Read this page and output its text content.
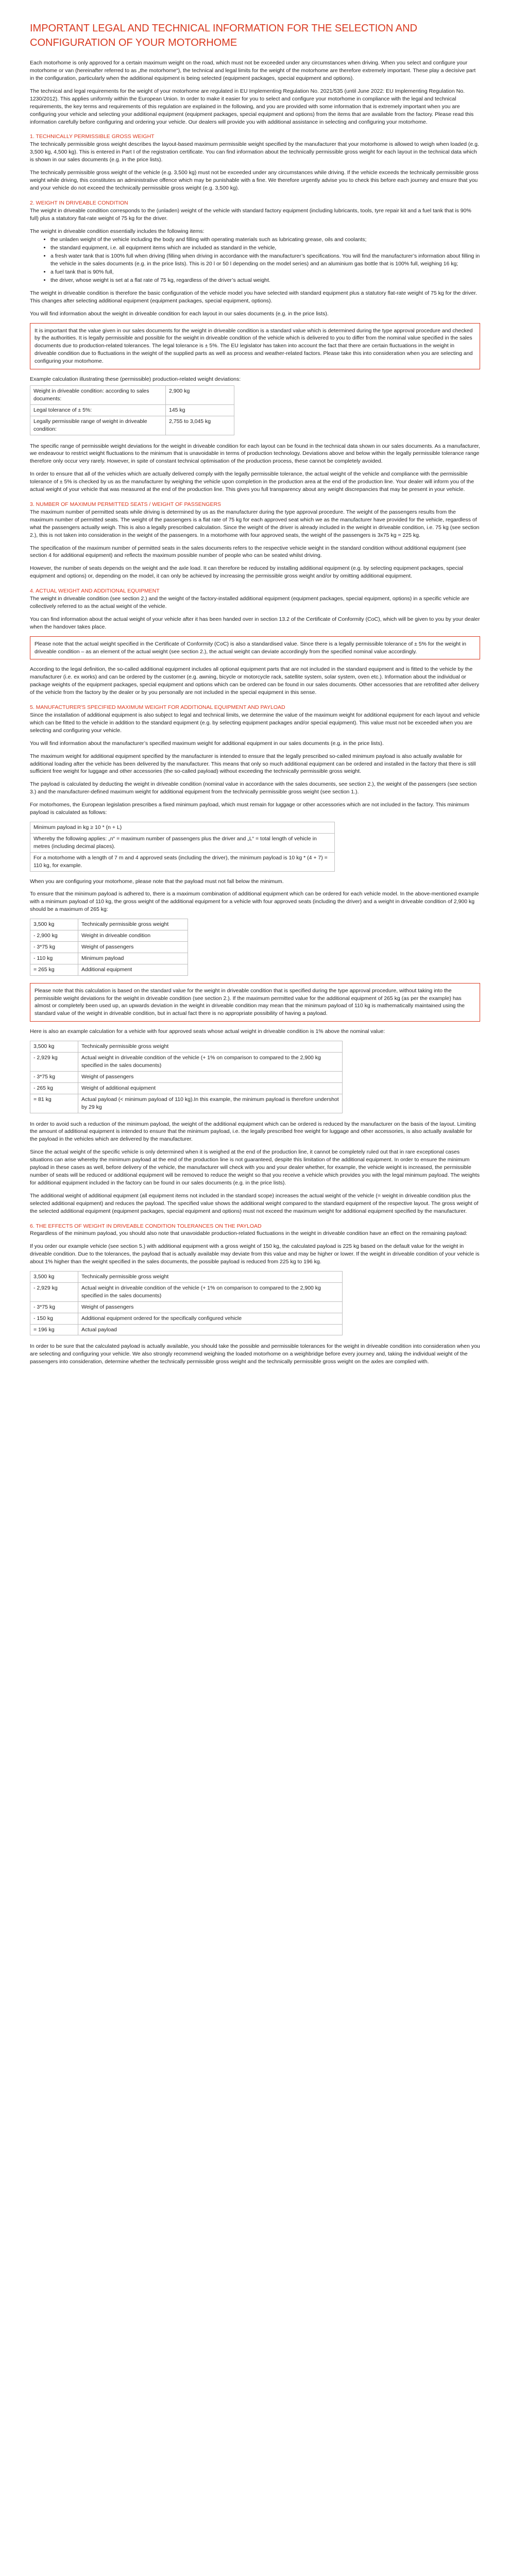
IMPORTANT LEGAL AND TECHNICAL INFORMATION FOR THE SELECTION AND CONFIGURATION OF YOUR MOTORHOME

Each motorhome is only approved for a certain maximum weight on the road, which must not be exceeded under any circumstances when driving. When you select and configure your motorhome or van (hereinafter referred to as „the motorhome“), the technical and legal limits for the weight of the motorhome are therefore extremely important. These play a decisive part in the configuration, particularly when the additional equipment is being selected (equipment packages, special equipment and options).

The technical and legal requirements for the weight of your motorhome are regulated in EU Implementing Regulation No. 2021/535 (until June 2022: EU Implementing Regulation No. 1230/2012). This applies uniformly within the European Union. In order to make it easier for you to select and configure your motorhome in compliance with the legal and technical requirements, the key terms and requirements of this regulation are explained in the following, and you are provided with some information that is extremely important when you are configuring your vehicle and selecting your additional equipment (equipment packages, special equipment and options) from the items that are available from the factory. Please read this information carefully before configuring and ordering your vehicle. Our dealers will provide you with additional assistance in selecting and configuring your motorhome.

1. TECHNICALLY PERMISSIBLE GROSS WEIGHT

The technically permissible gross weight describes the layout-based maximum permissible weight specified by the manufacturer that your motorhome is allowed to weigh when loaded (e.g. 3,500 kg, 4,500 kg). This is entered in Part I of the registration certificate. You can find information about the technically permissible gross weight for each layout in the technical data which is shown in our sales documents (e.g. in the price lists).

The technically permissible gross weight of the vehicle (e.g. 3,500 kg) must not be exceeded under any circumstances while driving. If the vehicle exceeds the technically permissible gross weight while driving, this constitutes an administrative offence which may be punishable with a fine. We therefore urgently advise you to check this before each journey and ensure that you and your vehicle do not exceed the technically permissible gross weight (e.g. 3,500 kg).

2. WEIGHT IN DRIVEABLE CONDITION

The weight in driveable condition corresponds to the (unladen) weight of the vehicle with standard factory equipment (including lubricants, tools, tyre repair kit and a fuel tank that is 90% full) plus a statutory flat-rate weight of 75 kg for the driver.

The weight in driveable condition essentially includes the following items:

• the unladen weight of the vehicle including the body and filling with operating materials such as lubricating grease, oils and coolants;
• the standard equipment, i.e. all equipment items which are included as standard in the vehicle,
• a fresh water tank that is 100% full when driving (filling when driving in accordance with the manufacturer’s specifications. You will find the manufacturer’s information about filling in the vehicle in the sales documents (e.g. in the price lists). This is 20 l or 50 l depending on the model series) and an aluminium gas bottle that is 100% full, weighing 16 kg;
• a fuel tank that is 90% full,
• the driver, whose weight is set at a flat rate of 75 kg, regardless of the driver’s actual weight.

The weight in driveable condition is therefore the basic configuration of the vehicle model you have selected with standard equipment plus a statutory flat-rate weight of 75 kg for the driver. This changes after selecting additional equipment (equipment packages, special equipment, options).

You will find information about the weight in driveable condition for each layout in our sales documents (e.g. in the price lists).

It is important that the value given in our sales documents for the weight in driveable condition is a standard value which is determined during the type approval procedure and checked by the authorities. It is legally permissible and possible for the weight in driveable condition of the vehicle which is delivered to you to differ from the nominal value specified in the sales documents due to production-related tolerances. The legal tolerance is ± 5%. The EU legislator has taken into account the fact that there are certain fluctuations in the weight in driveable condition due to fluctuations in the weight of the supplied parts as well as process and weather-related factors. Please take this into consideration when you are selecting and configuring your motorhome.

Example calculation illustrating these (permissible) production-related weight deviations:

Weight in driveable condition: according to sales documents:	2,900 kg
Legal tolerance of ± 5%:	145 kg
Legally permissible range of weight in driveable condition:	2,755 to 3,045 kg

The specific range of permissible weight deviations for the weight in driveable condition for each layout can be found in the technical data shown in our sales documents. As a manufacturer, we endeavour to restrict weight fluctuations to the minimum that is unavoidable in terms of production technology. Deviations above and below within the legally permissible tolerance range therefore only occur very rarely. However, in spite of constant technical optimisation of the production process, these cannot be completely avoided.

In order to ensure that all of the vehicles which are actually delivered comply with the legally permissible tolerance, the actual weight of the vehicle and compliance with the permissible tolerance of ± 5% is checked by us as the manufacturer by weighing the vehicle upon completion in the production area at the end of the production line. Your dealer will inform you of the actual weight of your vehicle that was measured at the end of the production line. This gives you full transparency about any weight discrepancies that may be present in your vehicle.

3. NUMBER OF MAXIMUM PERMITTED SEATS / WEIGHT OF PASSENGERS

The maximum number of permitted seats while driving is determined by us as the manufacturer during the type approval procedure. The weight of the passengers results from the maximum number of permitted seats. The weight of the passengers is a flat rate of 75 kg for each approved seat which we as the manufacturer have provided for the vehicle, regardless of what the passengers actually weigh. This is also a legally prescribed calculation. Since the weight of the driver is already included in the weight in driveable condition, i.e. 75 kg (see section 2.), this is not taken into consideration in the weight of the passengers. In a motorhome with four approved seats, the weight of the passengers is 3x75 kg = 225 kg.

The specification of the maximum number of permitted seats in the sales documents refers to the respective vehicle weight in the standard condition without additional equipment (see section 4 for additional equipment) and reflects the maximum possible number of people who can be seated whilst driving.

However, the number of seats depends on the weight and the axle load. It can therefore be reduced by installing additional equipment (e.g. by selecting equipment packages, special equipment and options) or, depending on the model, it can only be achieved by increasing the permissible gross weight and/or by omitting additional equipment.

4. ACTUAL WEIGHT AND ADDITIONAL EQUIPMENT

The weight in driveable condition (see section 2.) and the weight of the factory-installed additional equipment (equipment packages, special equipment, options) in a specific vehicle are collectively referred to as the actual weight of the vehicle.

You can find information about the actual weight of your vehicle after it has been handed over in section 13.2 of the Certificate of Conformity (CoC), which will be given to you by your dealer when the handover takes place.

Please note that the actual weight specified in the Certificate of Conformity (CoC) is also a standardised value. Since there is a legally permissible tolerance of ± 5% for the weight in driveable condition – as an element of the actual weight (see section 2.), the actual weight can deviate accordingly from the specified nominal value accordingly.

According to the legal definition, the so-called additional equipment includes all optional equipment parts that are not included in the standard equipment and is fitted to the vehicle by the manufacturer (i.e. ex works) and can be ordered by the customer (e.g. awning, bicycle or motorcycle rack, satellite system, solar system, oven etc.). Information about the individual or package weights of the equipment packages, special equipment and options which can be ordered can be found in our sales documents. Other accessories that are retrofitted after delivery of the vehicle from the factory by the dealer or by you personally are not included in the special equipment in this sense.

5. MANUFACTURER'S SPECIFIED MAXIMUM WEIGHT FOR ADDITIONAL EQUIPMENT AND PAYLOAD

Since the installation of additional equipment is also subject to legal and technical limits, we determine the value of the maximum weight for additional equipment for each layout and vehicle which can be fitted to the vehicle in addition to the standard equipment (e.g. by selecting equipment packages and/or special equipment). This value must not be exceeded when you are selecting and configuring your vehicle.

You will find information about the manufacturer’s specified maximum weight for additional equipment in our sales documents (e.g. in the price lists).

The maximum weight for additional equipment specified by the manufacturer is intended to ensure that the legally prescribed so-called minimum payload is also actually available for additional loading after the vehicle has been delivered by the manufacturer. This means that only so much additional equipment can be ordered and installed in the factory that there is still sufficient free weight for luggage and other accessories (the so-called payload) without exceeding the technically permissible gross weight.

The payload is calculated by deducting the weight in driveable condition (nominal value in accordance with the sales documents, see section 2.), the weight of the passengers (see section 3.) and the manufacturer-defined maximum weight for additional equipment from the technically permissible gross weight (see section 1.).

For motorhomes, the European legislation prescribes a fixed minimum payload, which must remain for luggage or other accessories which are not included in the factory. This minimum payload is calculated as follows:

Minimum payload in kg ≥ 10 * (n + L)
Whereby the following applies: „n“ = maximum number of passengers plus the driver and „L“ = total length of vehicle in metres (including decimal places).
For a motorhome with a length of 7 m and 4 approved seats (including the driver), the minimum payload is 10 kg * (4 + 7) = 110 kg, for example.

When you are configuring your motorhome, please note that the payload must not fall below the minimum.

To ensure that the minimum payload is adhered to, there is a maximum combination of additional equipment which can be ordered for each vehicle model. In the above-mentioned example with a minimum payload of 110 kg, the gross weight of the additional equipment for a vehicle with four approved seats (including the driver) and a weight in driveable condition of 2,900 kg should be a maximum of 265 kg:

3,500 kg	Technically permissible gross weight
- 2,900 kg	Weight in driveable condition
- 3*75 kg	Weight of passengers
- 110 kg	Minimum payload
= 265 kg	Additional equipment

Please note that this calculation is based on the standard value for the weight in driveable condition that is specified during the type approval procedure, without taking into the permissible weight deviations for the weight in driveable condition (see section 2.). If the maximum permitted value for the additional equipment of 265 kg (as per the example) has almost or completely been used up, an upwards deviation in the weight in driveable condition may mean that the minimum payload of 110 kg is mathematically maintained using the standard value of the weight in driveable condition, but in actual fact there is no appropriate possibility of having a payload.

Here is also an example calculation for a vehicle with four approved seats whose actual weight in driveable condition is 1% above the nominal value:

3,500 kg	Technically permissible gross weight
- 2,929 kg	Actual weight in driveable condition of the vehicle (+ 1% on comparison to compared to the 2,900 kg specified in the sales documents)
- 3*75 kg	Weight of passengers
- 265 kg	Weight of additional equipment
= 81 kg	Actual payload (< minimum payload of 110 kg).In this example, the minimum payload is therefore undershot by 29 kg

In order to avoid such a reduction of the minimum payload, the weight of the additional equipment which can be ordered is reduced by the manufacturer on the basis of the layout. Limiting the amount of additional equipment is intended to ensure that the minimum payload, i.e. the legally prescribed free weight for luggage and other accessories, is also actually available for the payload in the vehicles which are delivered by the manufacturer.

Since the actual weight of the specific vehicle is only determined when it is weighed at the end of the production line, it cannot be completely ruled out that in rare exceptional cases situations can arise whereby the minimum payload at the end of the production line is not guaranteed, despite this limitation of the additional equipment. In order to ensure the minimum payload in these cases as well, before delivery of the vehicle, the manufacturer will check with you and your dealer whether, for example, the vehicle weight is increased, the permissible number of seats will be reduced or additional equipment will be removed to reduce the weight so that you receive a vehicle which provides you with the legal minimum payload. The weights for additional equipment included in the factory can be found in our sales documents (e.g. in the price lists).

The additional weight of additional equipment (all equipment items not included in the standard scope) increases the actual weight of the vehicle (= weight in driveable condition plus the selected additional equipment) and reduces the payload. The specified value shows the additional weight compared to the standard equipment of the respective layout. The gross weight of the selected additional equipment (equipment packages, special equipment and options) must not exceed the maximum weight for additional equipment specified by the manufacturer.

6. THE EFFECTS OF WEIGHT IN DRIVEABLE CONDITION TOLERANCES ON THE PAYLOAD

Regardless of the minimum payload, you should also note that unavoidable production-related fluctuations in the weight in driveable condition have an effect on the remaining payload:

If you order our example vehicle (see section 5.) with additional equipment with a gross weight of 150 kg, the calculated payload is 225 kg based on the default value for the weight in driveable condition. Due to the tolerances, the payload that is actually available may deviate from this value and may be higher or lower. If the weight in driveable condition of your vehicle is about 1% higher than the weight specified in the sales documents, the possible payload is reduced from 225 kg to 196 kg.

3,500 kg	Technically permissible gross weight
- 2,929 kg	Actual weight in driveable condition of the vehicle (+ 1% on comparison to compared to the 2,900 kg specified in the sales documents)
- 3*75 kg	Weight of passengers
- 150 kg	Additional equipment ordered for the specifically configured vehicle
= 196 kg	Actual payload

In order to be sure that the calculated payload is actually available, you should take the possible and permissible tolerances for the weight in driveable condition into consideration when you are selecting and configuring your vehicle. We also strongly recommend weighing the loaded motorhome on a weighbridge before every journey and, taking the individual weight of the passengers into consideration, determine whether the technically permissible gross weight and the technically permissible gross weight on the axles are complied with.
